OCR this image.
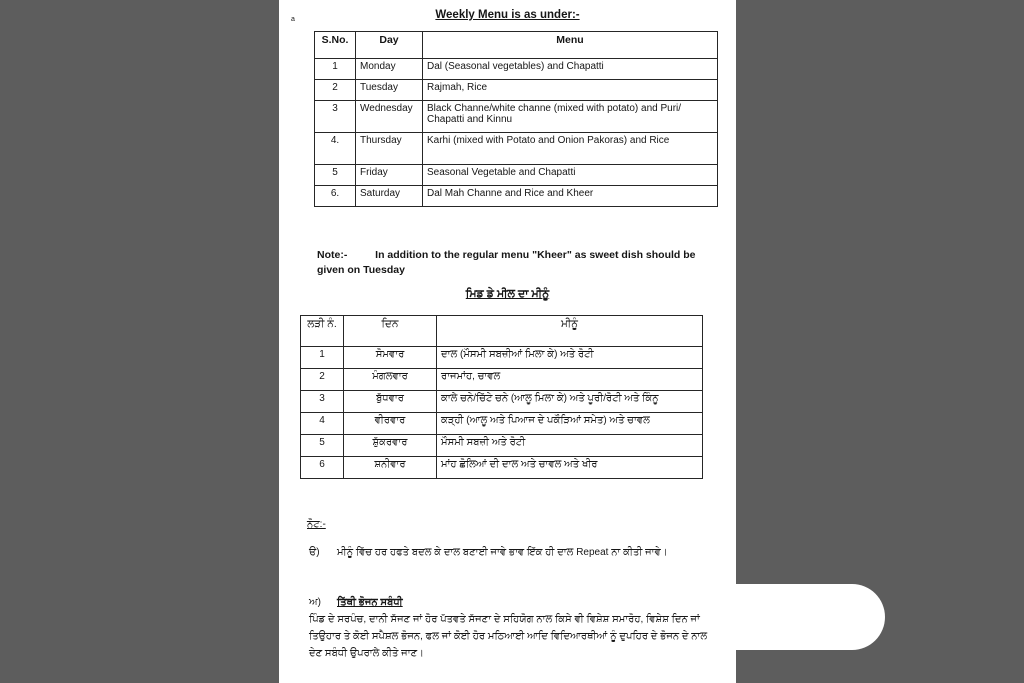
a	Weekly Menu is as under:-
S.No.	Day	Menu
1	Monday	Dal (Seasonal vegetables) and Chapatti
2	Tuesday	Rajmah, Rice
3	Wednesday	Black Channe/white channe (mixed with potato) and Puri/ Chapatti and Kinnu
4.	Thursday	Karhi (mixed with Potato and Onion Pakoras) and Rice
5	Friday	Seasonal Vegetable and Chapatti
6.	Saturday	Dal Mah Channe and Rice and Kheer
Note:-	In addition to the regular menu "Kheer" as sweet dish should be given on Tuesday
ਮਿਡ ਡੇ ਮੀਲ ਦਾ ਮੀਨੂੰ
ਲੜੀ ਨੰ.	ਦਿਨ	ਮੀਨੂੰ
1	ਸੋਮਵਾਰ	ਦਾਲ (ਮੌਸਮੀ ਸਬਜ਼ੀਆਂ ਮਿਲਾ ਕੇ) ਅਤੇ ਰੋਟੀ
2	ਮੰਗਲਵਾਰ	ਰਾਜਮਾਂਹ, ਚਾਵਲ
3	ਬੁੱਧਵਾਰ	ਕਾਲੇ ਚਨੇ/ਚਿੱਟੇ ਚਨੇ (ਆਲੂ ਮਿਲਾ ਕੇ) ਅਤੇ ਪੂਰੀ/ਰੋਟੀ ਅਤੇ ਕਿੰਨੂ
4	ਵੀਰਵਾਰ	ਕੜ੍ਹੀ (ਆਲੂ ਅਤੇ ਪਿਆਜ ਦੇ ਪਕੌੜਿਆਂ ਸਮੇਤ) ਅਤੇ ਚਾਵਲ
5	ਸ਼ੁੱਕਰਵਾਰ	ਮੌਸਮੀ ਸਬਜ਼ੀ ਅਤੇ ਰੋਟੀ
6	ਸ਼ਨੀਵਾਰ	ਮਾਂਹ ਛੋਲਿਆਂ ਦੀ ਦਾਲ ਅਤੇ ਚਾਵਲ ਅਤੇ ਖੀਰ
ਨੋਟ:-
ੳ) ਮੀਨੂੰ ਵਿੱਚ ਹਰ ਹਫਤੇ ਬਦਲ ਕੇ ਦਾਲ ਬਣਾਈ ਜਾਵੇ ਭਾਵ ਇੱਕ ਹੀ ਦਾਲ Repeat ਨਾ ਕੀਤੀ ਜਾਵੇ।
ਅ) ਤਿੱਥੀ ਭੋਜਨ ਸਬੰਧੀ
ਪਿੰਡ ਦੇ ਸਰਪੰਚ, ਦਾਨੀ ਸੱਜਣ ਜਾਂ ਹੋਰ ਪੱਤਵਤੇ ਸੱਜਣਾ ਦੇ ਸਹਿਯੋਗ ਨਾਲ ਕਿਸੇ ਵੀ ਵਿਸ਼ੇਸ਼ ਸਮਾਰੋਹ, ਵਿਸ਼ੇਸ਼ ਦਿਨ ਜਾਂ ਤਿਉਹਾਰ ਤੇ ਕੋਈ ਸਪੈਸ਼ਲ ਭੋਜਨ, ਫਲ ਜਾਂ ਕੋਈ ਹੋਰ ਮਠਿਆਈ ਆਦਿ ਵਿਦਿਆਰਥੀਆਂ ਨੂੰ ਦੁਪਹਿਰ ਦੇ ਭੋਜਨ ਦੇ ਨਾਲ ਦੇਣ ਸਬੰਧੀ ਉਪਰਾਲੇ ਕੀਤੇ ਜਾਣ।
